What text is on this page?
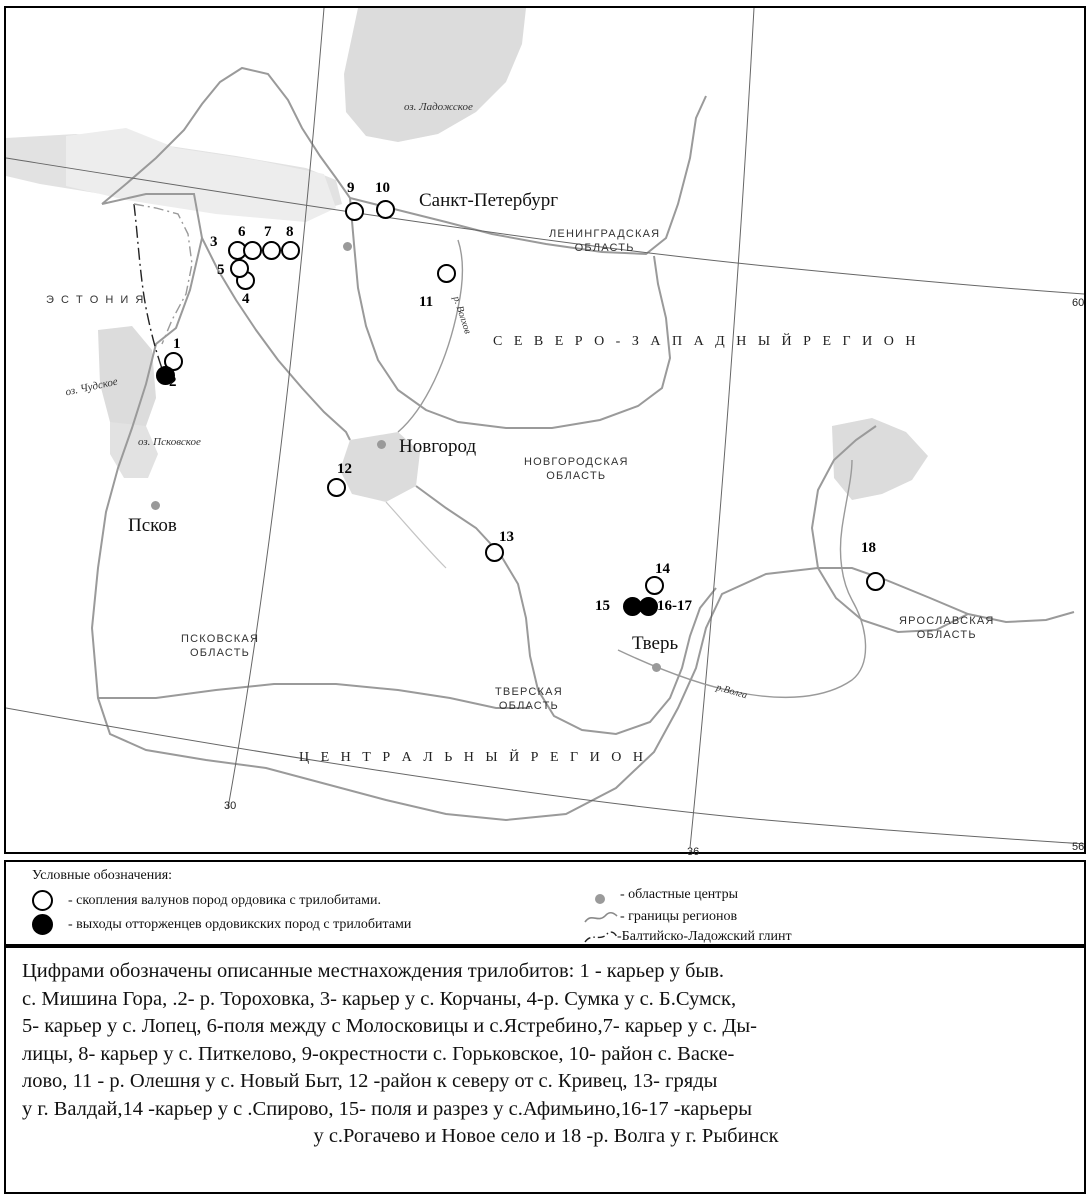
Санкт-Петербург
Новгород
Псков
Тверь
ЛЕНИНГРАДСКАЯ
ОБЛАСТЬ
НОВГОРОДСКАЯ
ОБЛАСТЬ
ПСКОВСКАЯ
ОБЛАСТЬ
ТВЕРСКАЯ
ОБЛАСТЬ
ЯРОСЛАВСКАЯ
ОБЛАСТЬ
С Е В Е Р О - З А П А Д Н Ы Й Р Е Г И О Н
Ц Е Н Т Р А Л Ь Н Ы Й Р Е Г И О Н
Э С Т О Н И Я
оз. Ладожское
оз. Чудское
оз. Псковское
р. Волхов
р.Волга
60
56
30
36
1
2
3
4
5
6 7 8
9 10
11
12
13
14
15	16-17
18
Условные обозначения:
- скопления валунов пород ордовика с трилобитами.
- выходы отторженцев ордовикских пород с трилобитами
- областные центры
- границы регионов
-Балтийско-Ладожский глинт

Цифрами обозначены описанные местнахождения трилобитов: 1 - карьер у быв.

с. Мишина Гора, .2- р. Тороховка, 3- карьер у с. Корчаны, 4-р. Сумка у с. Б.Сумск,

5- карьер у с. Лопец, 6-поля между с Молосковицы и с.Ястребино,7- карьер у с. Ды-

лицы, 8- карьер у с. Питкелово, 9-окрестности с. Горьковское, 10- район с. Васке-

лово, 11 - р. Олешня у с. Новый Быт, 12 -район к северу от с. Кривец, 13- гряды

у г. Валдай,14 -карьер у с .Спирово, 15- поля и разрез у с.Афимьино,16-17 -карьеры

у с.Рогачево и Новое село и 18 -р. Волга у г. Рыбинск
